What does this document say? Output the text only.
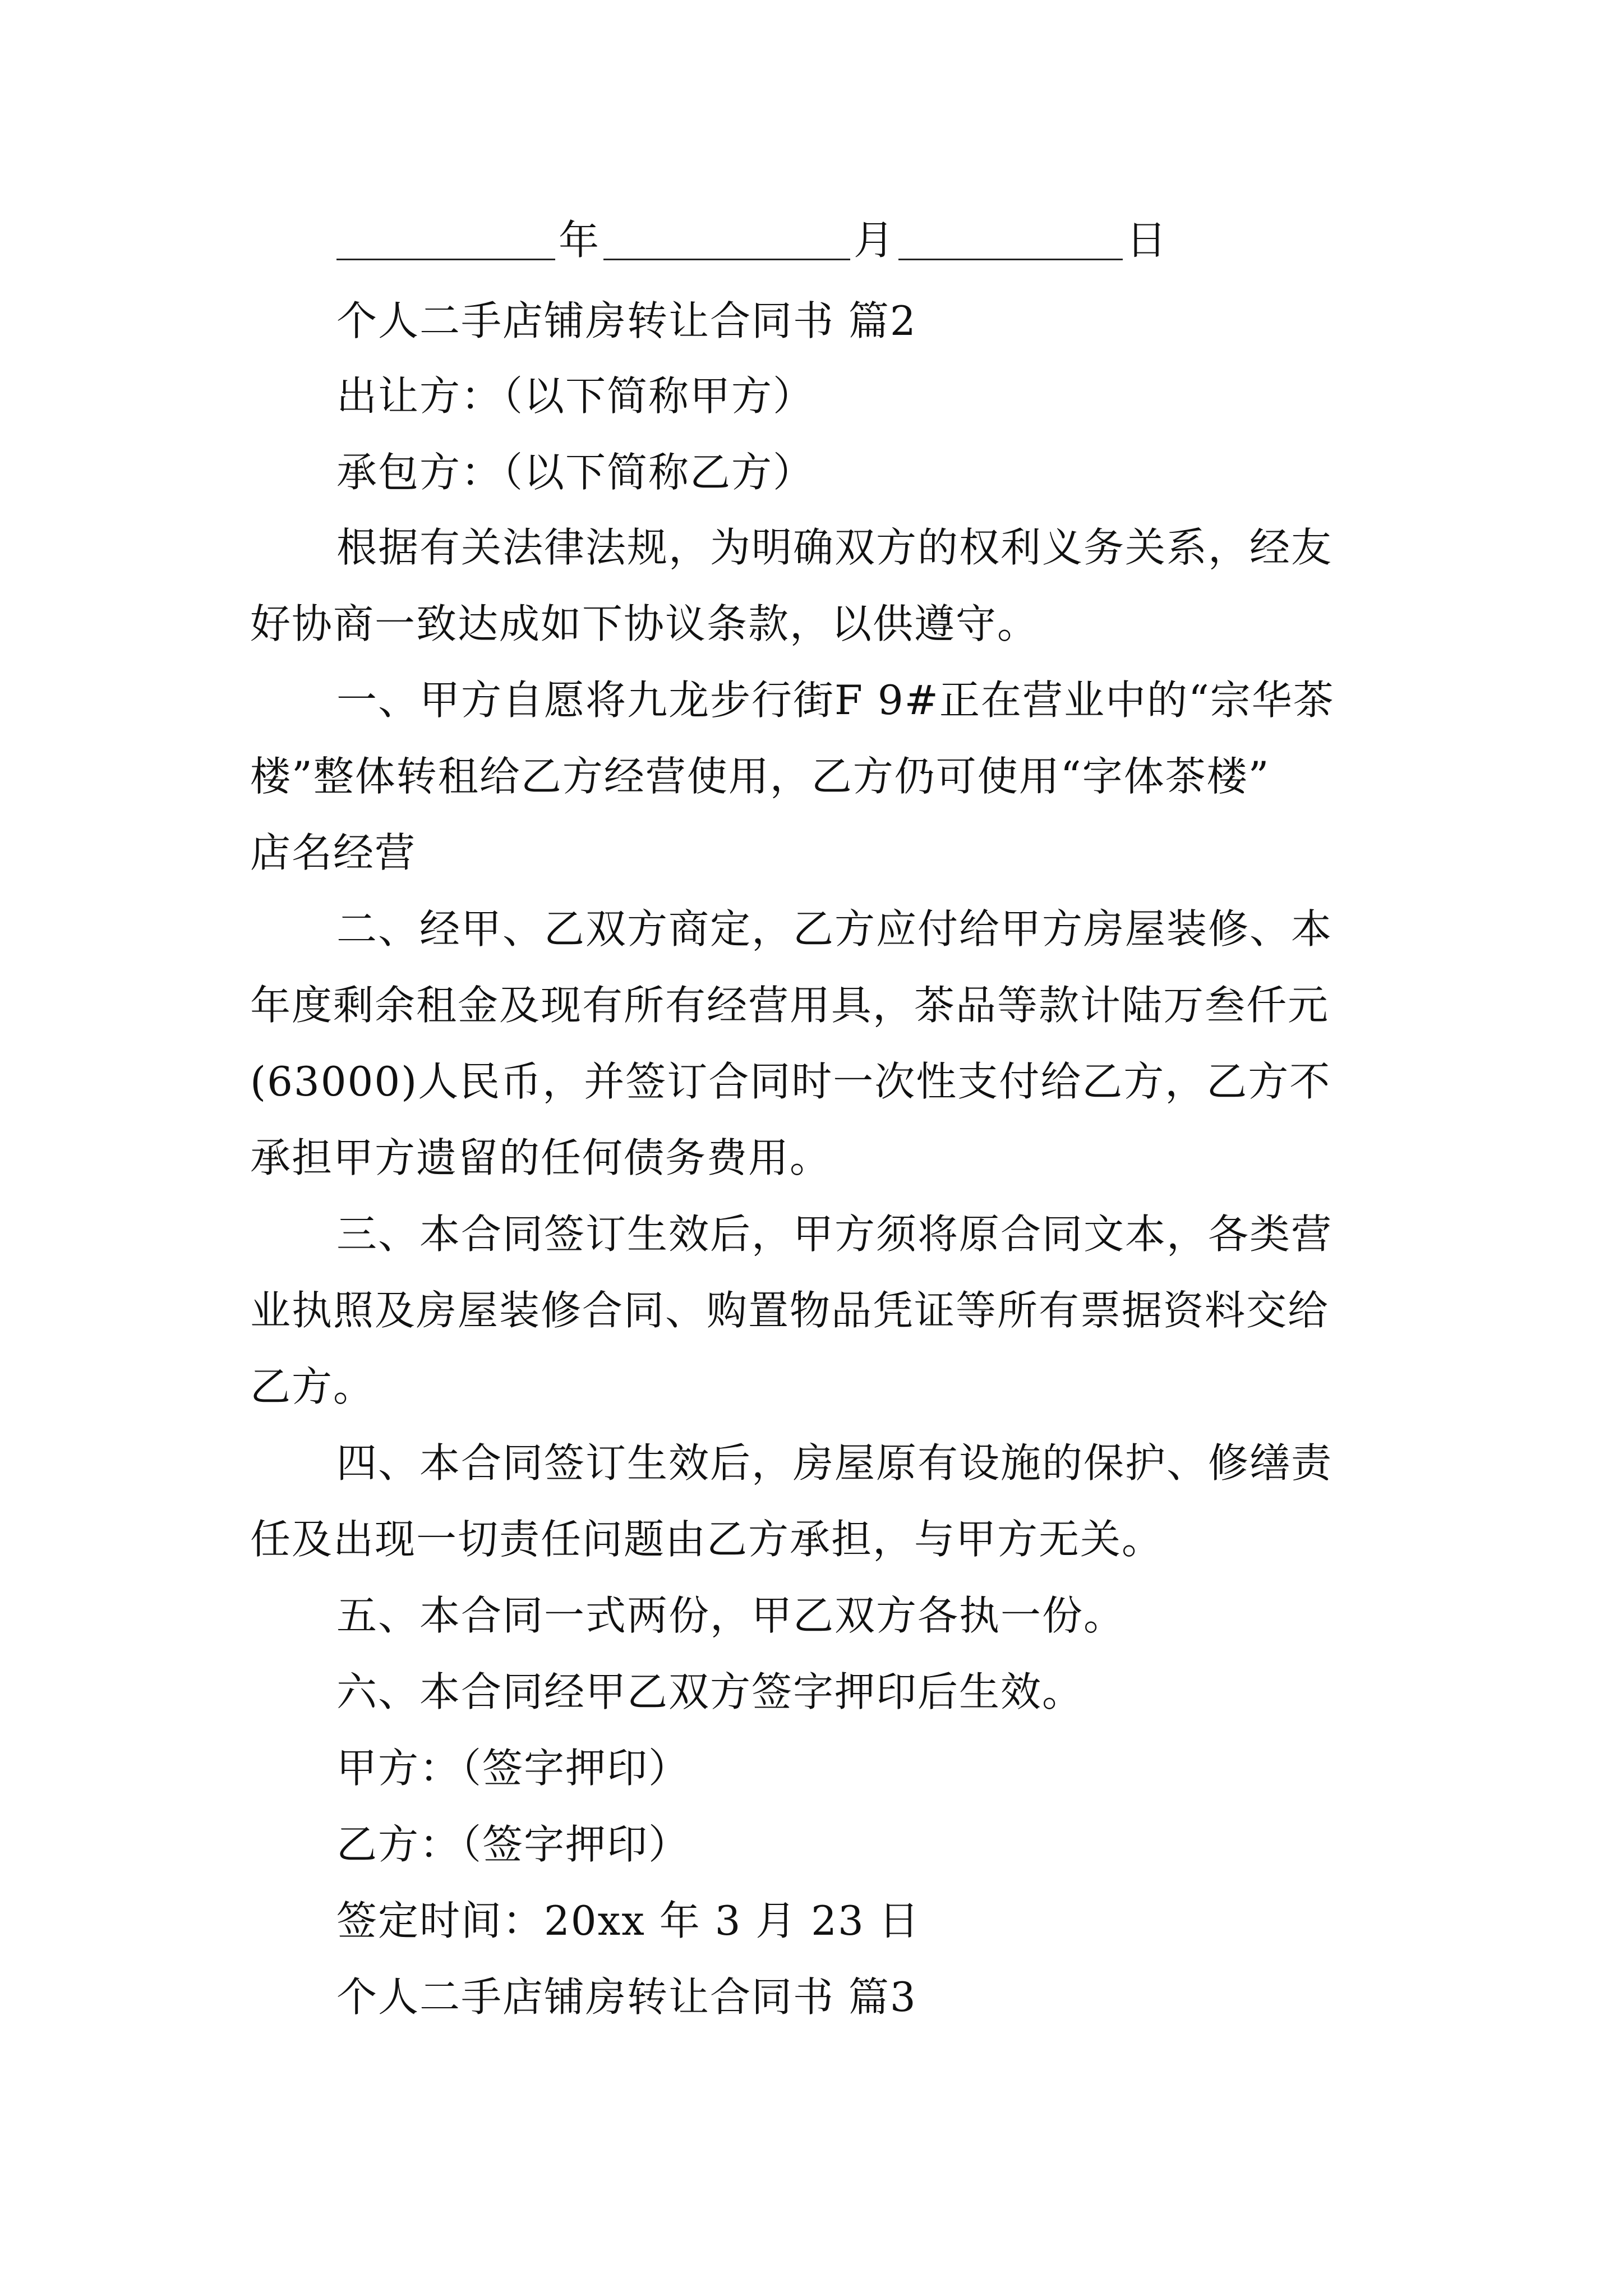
年	月	日
个人二手店铺房转让合同书 篇2
出让方：（以下简称甲方）
承包方：（以下简称乙方）
根据有关法律法规，为明确双方的权利义务关系，经友
好协商一致达成如下协议条款，以供遵守。
一、甲方自愿将九龙步行街F 9#正在营业中的“宗华茶
楼”整体转租给乙方经营使用，乙方仍可使用“字体茶楼”
店名经营
二、经甲、乙双方商定，乙方应付给甲方房屋装修、本
年度剩余租金及现有所有经营用具，茶品等款计陆万叁仟元
(63000)人民币，并签订合同时一次性支付给乙方，乙方不
承担甲方遗留的任何债务费用。
三、本合同签订生效后，甲方须将原合同文本，各类营
业执照及房屋装修合同、购置物品凭证等所有票据资料交给
乙方。
四、本合同签订生效后，房屋原有设施的保护、修缮责
任及出现一切责任问题由乙方承担，与甲方无关。
五、本合同一式两份，甲乙双方各执一份。
六、本合同经甲乙双方签字押印后生效。
甲方：（签字押印）
乙方：（签字押印）
签定时间：20xx 年 3 月 23 日
个人二手店铺房转让合同书 篇3
